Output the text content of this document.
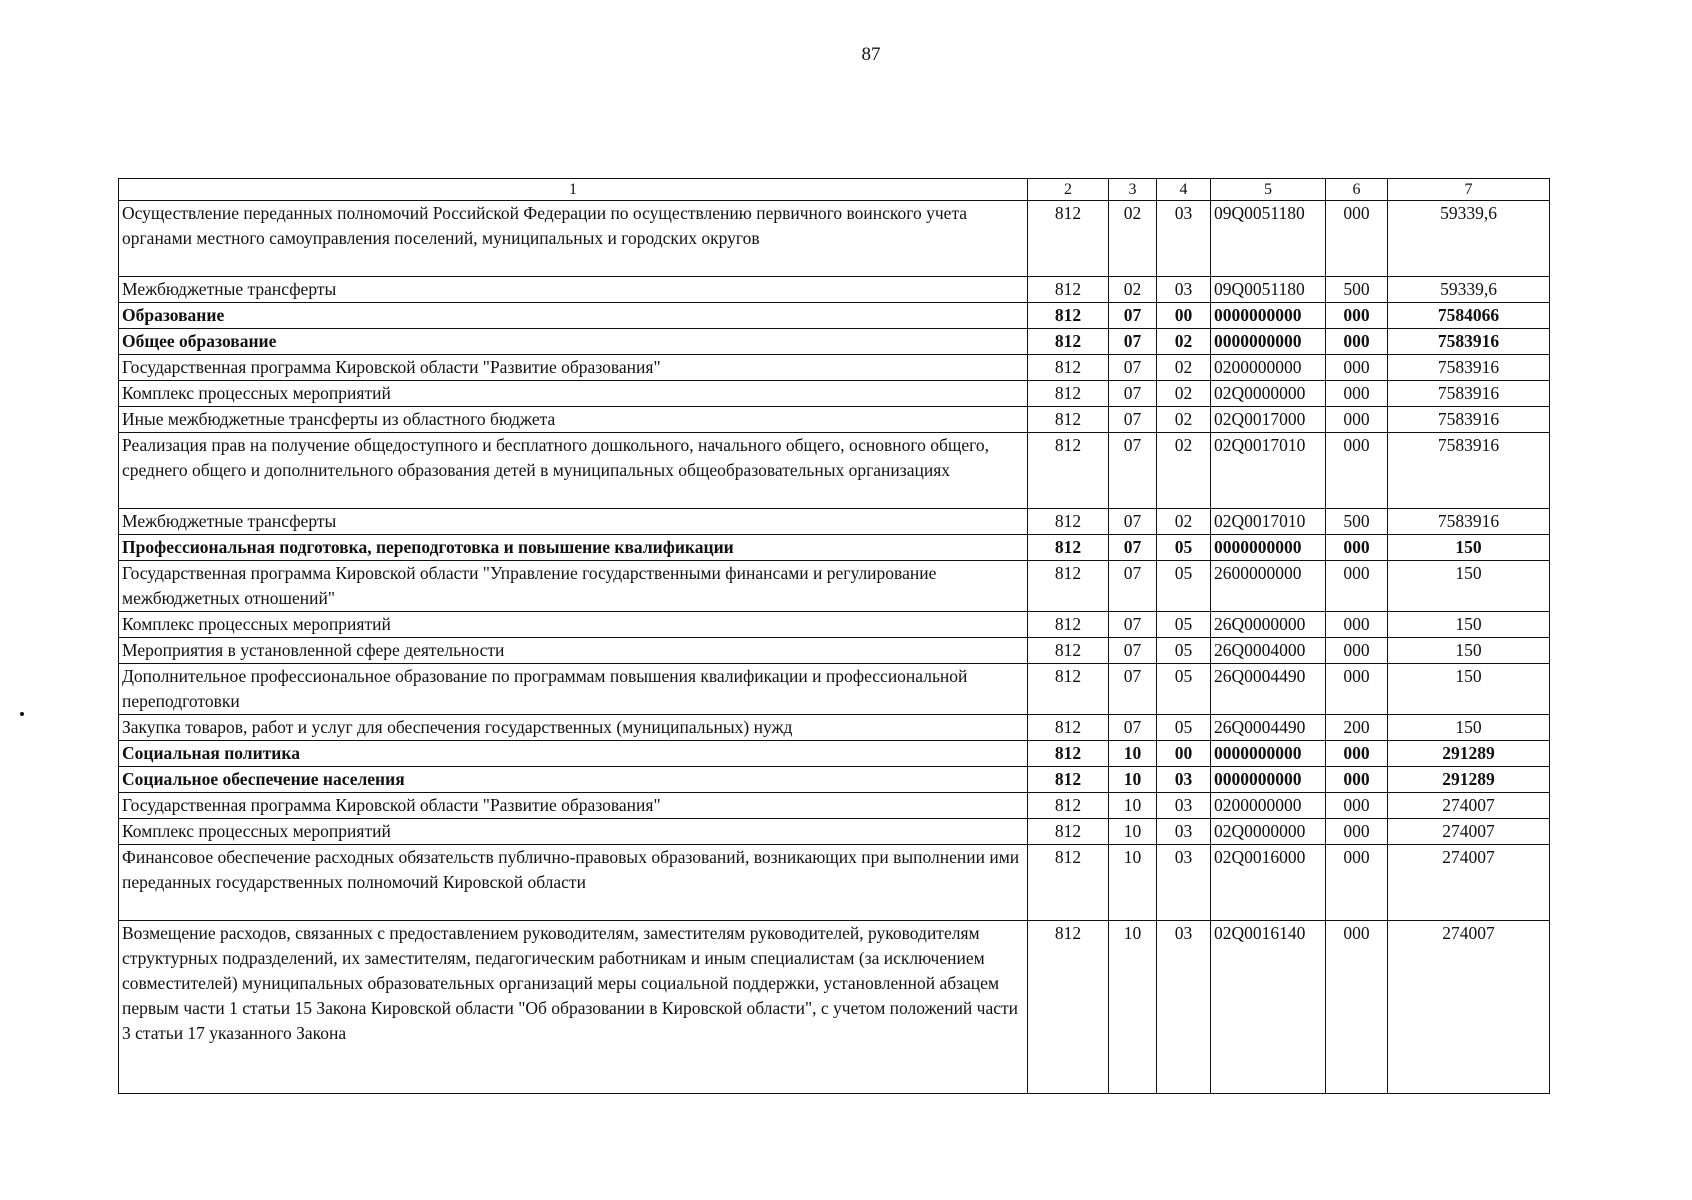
87
1	2	3	4	5	6	7
Осуществление переданных полномочий Российской Федерации по осуществлению первичного воинского учета органами местного самоуправления поселений, муниципальных и городских округов	812	02	03	09Q0051180	000	59339,6
Межбюджетные трансферты	812	02	03	09Q0051180	500	59339,6
Образование	812	07	00	0000000000	000	7584066
Общее образование	812	07	02	0000000000	000	7583916
Государственная программа Кировской области "Развитие образования"	812	07	02	0200000000	000	7583916
Комплекс процессных мероприятий	812	07	02	02Q0000000	000	7583916
Иные межбюджетные трансферты из областного бюджета	812	07	02	02Q0017000	000	7583916
Реализация прав на получение общедоступного и бесплатного дошкольного, начального общего, основного общего, среднего общего и дополнительного образования детей в муниципальных общеобразовательных организациях	812	07	02	02Q0017010	000	7583916
Межбюджетные трансферты	812	07	02	02Q0017010	500	7583916
Профессиональная подготовка, переподготовка и повышение квалификации	812	07	05	0000000000	000	150
Государственная программа Кировской области "Управление государственными финансами и регулирование межбюджетных отношений"	812	07	05	2600000000	000	150
Комплекс процессных мероприятий	812	07	05	26Q0000000	000	150
Мероприятия в установленной сфере деятельности	812	07	05	26Q0004000	000	150
Дополнительное профессиональное образование по программам повышения квалификации и профессиональной переподготовки	812	07	05	26Q0004490	000	150
Закупка товаров, работ и услуг для обеспечения государственных (муниципальных) нужд	812	07	05	26Q0004490	200	150
Социальная политика	812	10	00	0000000000	000	291289
Социальное обеспечение населения	812	10	03	0000000000	000	291289
Государственная программа Кировской области "Развитие образования"	812	10	03	0200000000	000	274007
Комплекс процессных мероприятий	812	10	03	02Q0000000	000	274007
Финансовое обеспечение расходных обязательств публично-правовых образований, возникающих при выполнении ими переданных государственных полномочий Кировской области	812	10	03	02Q0016000	000	274007
Возмещение расходов, связанных с предоставлением руководителям, заместителям руководителей, руководителям структурных подразделений, их заместителям, педагогическим работникам и иным специалистам (за исключением совместителей) муниципальных образовательных организаций меры социальной поддержки, установленной абзацем первым части 1 статьи 15 Закона Кировской области "Об образовании в Кировской области", с учетом положений части 3 статьи 17 указанного Закона	812	10	03	02Q0016140	000	274007
